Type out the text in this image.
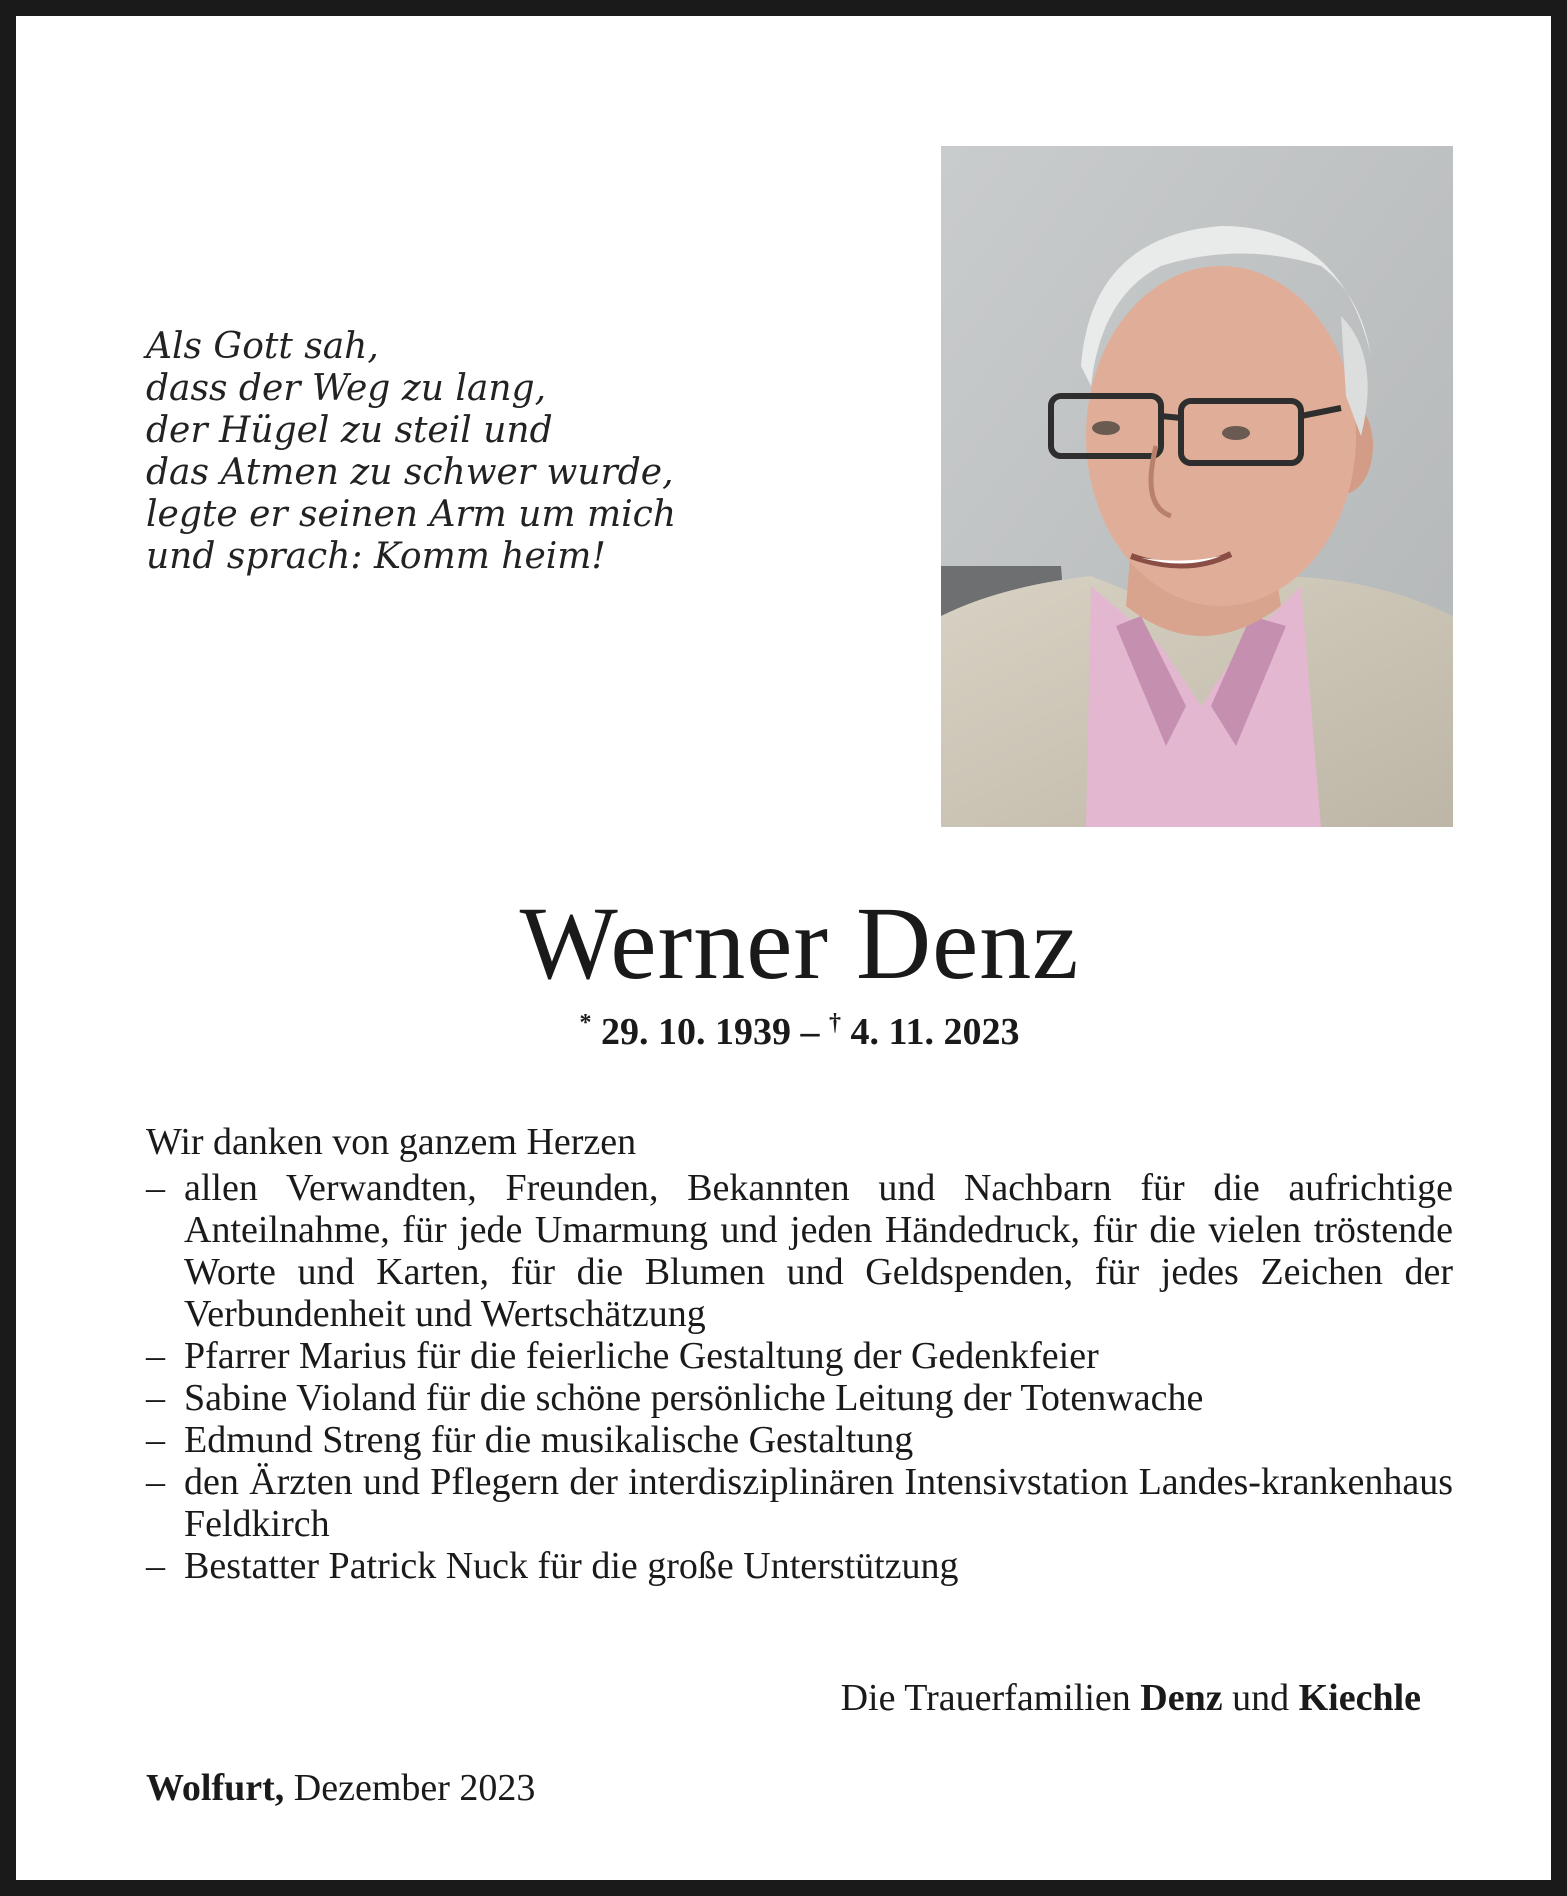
Als Gott sah,
dass der Weg zu lang,
der Hügel zu steil und
das Atmen zu schwer wurde,
legte er seinen Arm um mich
und sprach: Komm heim!
Werner Denz
* 29. 10. 1939 – † 4. 11. 2023
Wir danken von ganzem Herzen
– allen Verwandten, Freunden, Bekannten und Nachbarn für die aufrichtige Anteilnahme, für jede Umarmung und jeden Händedruck, für die vielen tröstende Worte und Karten, für die Blumen und Geldspenden, für jedes Zeichen der Verbundenheit und Wertschätzung
– Pfarrer Marius für die feierliche Gestaltung der Gedenkfeier
– Sabine Violand für die schöne persönliche Leitung der Totenwache
– Edmund Streng für die musikalische Gestaltung
– den Ärzten und Pflegern der interdisziplinären Intensivstation Landes-krankenhaus Feldkirch
– Bestatter Patrick Nuck für die große Unterstützung
Die Trauerfamilien Denz und Kiechle
Wolfurt, Dezember 2023
